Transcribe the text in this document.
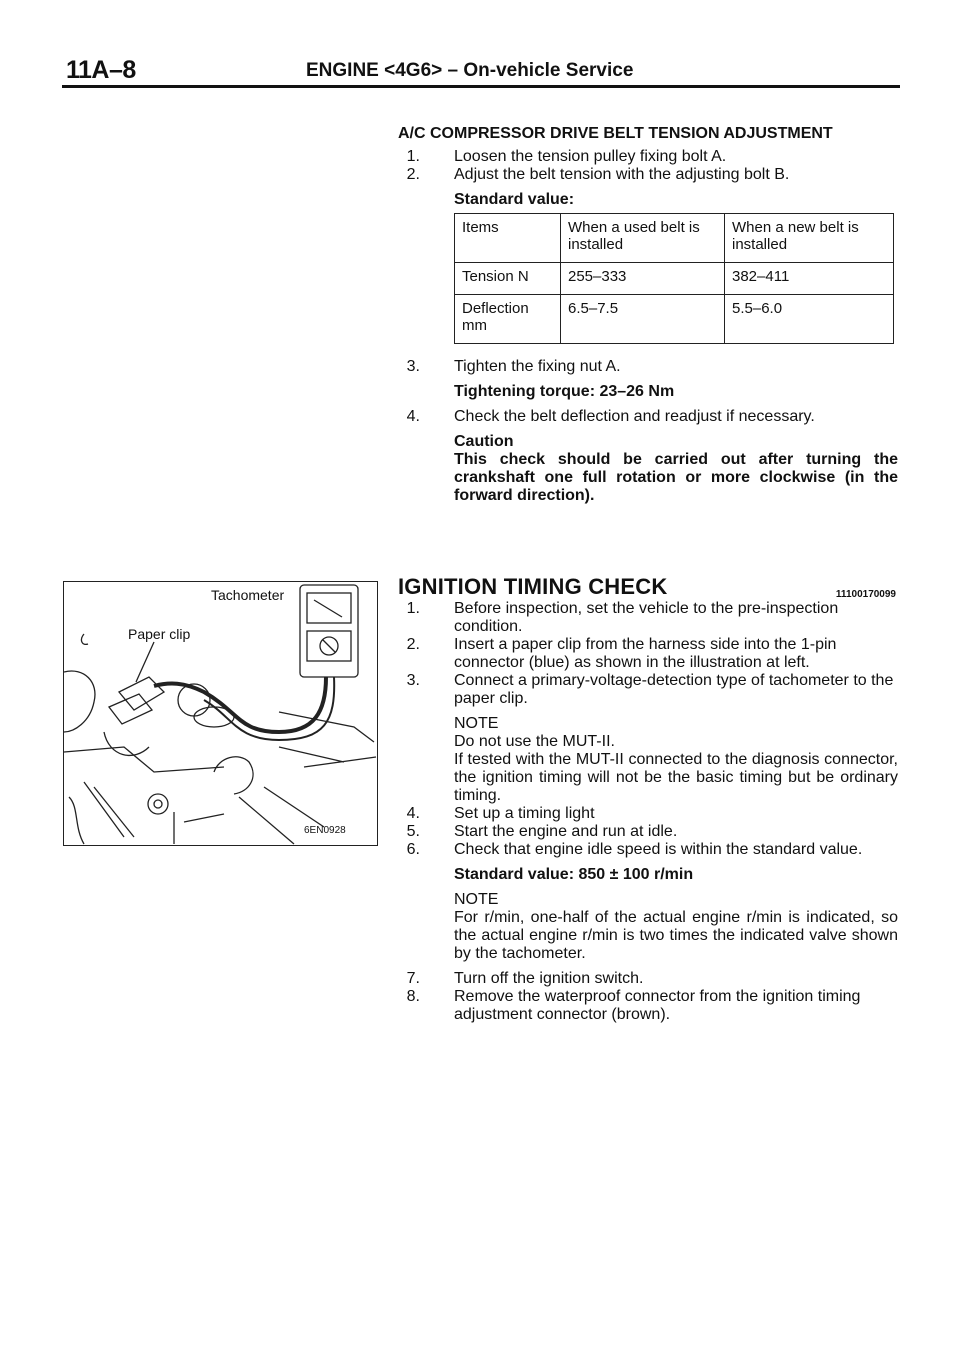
11A–8	ENGINE <4G6> – On-vehicle Service
A/C COMPRESSOR DRIVE BELT TENSION ADJUSTMENT
1. Loosen the tension pulley fixing bolt A.
2. Adjust the belt tension with the adjusting bolt B.
Standard value:
Items	When a used belt is installed	When a new belt is installed
Tension N	255–333	382–411
Deflection mm	6.5–7.5	5.5–6.0
3. Tighten the fixing nut A.
Tightening torque: 23–26 Nm
4. Check the belt deflection and readjust if necessary.
Caution
This check should be carried out after turning the crankshaft one full rotation or more clockwise (in the forward direction).
Tachometer
Paper clip
6EN0928
IGNITION TIMING CHECK	11100170099
1. Before inspection, set the vehicle to the pre-inspection condition.
2. Insert a paper clip from the harness side into the 1-pin connector (blue) as shown in the illustration at left.
3. Connect a primary-voltage-detection type of tachometer to the paper clip.
NOTE
Do not use the MUT-II.
If tested with the MUT-II connected to the diagnosis connector, the ignition timing will not be the basic timing but be ordinary timing.
4. Set up a timing light
5. Start the engine and run at idle.
6. Check that engine idle speed is within the standard value.
Standard value: 850 ± 100 r/min
NOTE
For r/min, one-half of the actual engine r/min is indicated, so the actual engine r/min is two times the indicated valve shown by the tachometer.
7. Turn off the ignition switch.
8. Remove the waterproof connector from the ignition timing adjustment connector (brown).
